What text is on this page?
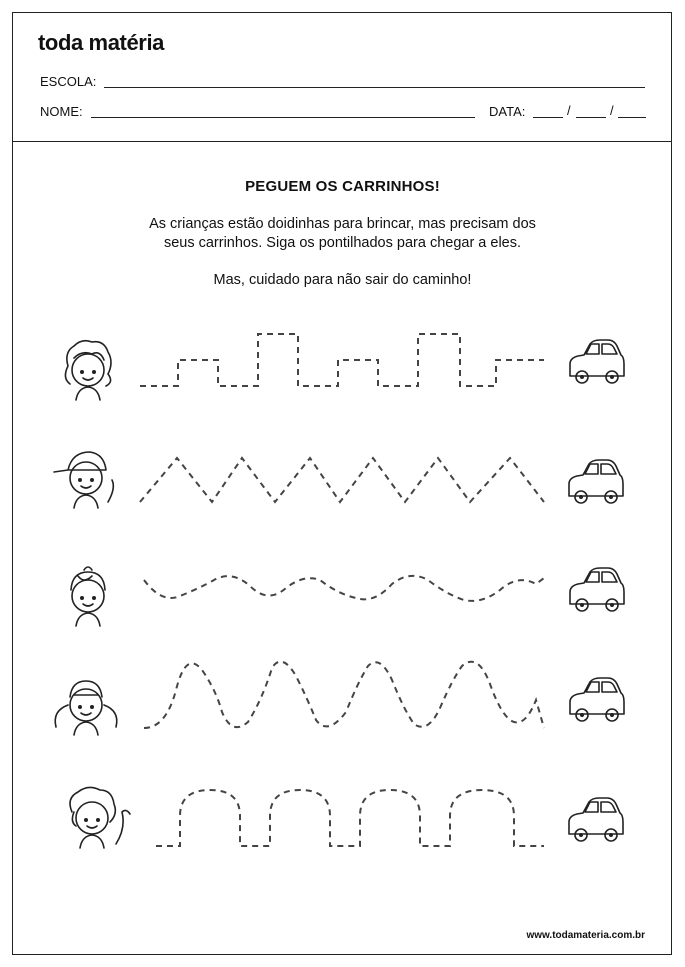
toda matéria
ESCOLA:
NOME:	DATA:	/	/
PEGUEM OS CARRINHOS!
As crianças estão doidinhas para brincar, mas precisam dos
seus carrinhos. Siga os pontilhados para chegar a eles.
Mas, cuidado para não sair do caminho!
www.todamateria.com.br
